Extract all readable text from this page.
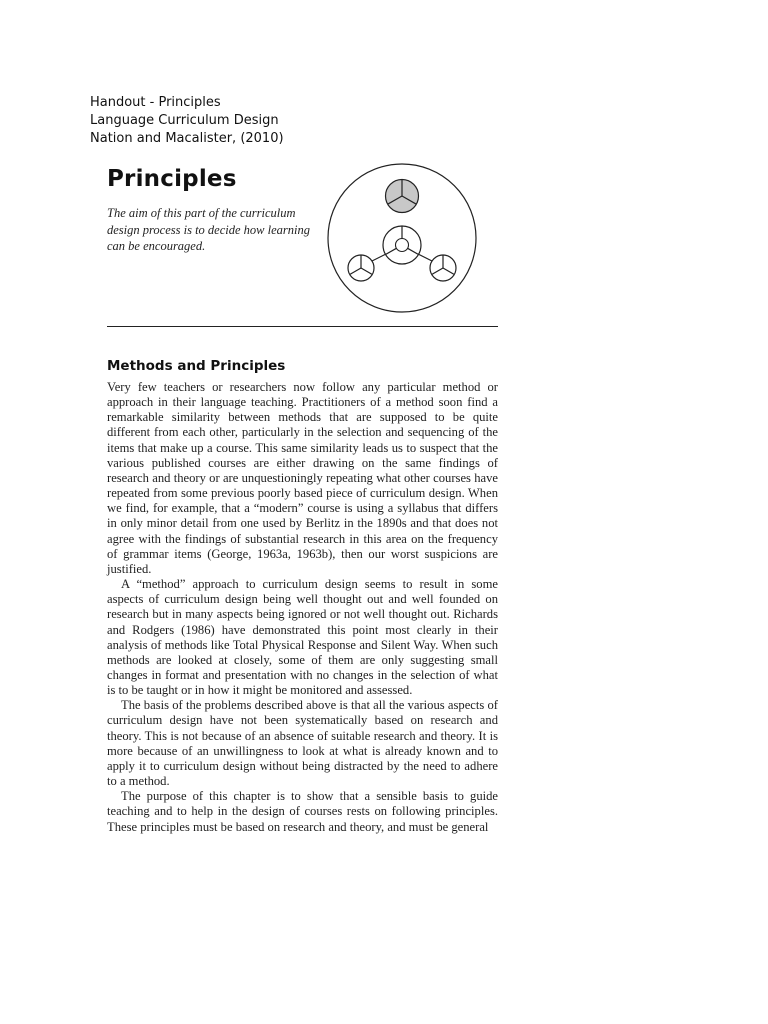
Handout - Principles
Language Curriculum Design
Nation and Macalister, (2010)
Principles
The aim of this part of the curriculum design process is to decide how learning can be encouraged.
Methods and Principles

Very few teachers or researchers now follow any particular method or approach in their language teaching. Practitioners of a method soon find a remarkable similarity between methods that are supposed to be quite different from each other, particularly in the selection and sequencing of the items that make up a course. This same similarity leads us to suspect that the various published courses are either drawing on the same findings of research and theory or are unquestioningly repeating what other courses have repeated from some previous poorly based piece of curriculum design. When we find, for example, that a “modern” course is using a syllabus that differs in only minor detail from one used by Berlitz in the 1890s and that does not agree with the findings of substantial research in this area on the frequency of grammar items (George, 1963a, 1963b), then our worst suspicions are justified.

A “method” approach to curriculum design seems to result in some aspects of curriculum design being well thought out and well founded on research but in many aspects being ignored or not well thought out. Richards and Rodgers (1986) have demonstrated this point most clearly in their analysis of methods like Total Physical Response and Silent Way. When such methods are looked at closely, some of them are only suggesting small changes in format and presentation with no changes in the selection of what is to be taught or in how it might be monitored and assessed.

The basis of the problems described above is that all the various aspects of curriculum design have not been systematically based on research and theory. This is not because of an absence of suitable research and theory. It is more because of an unwillingness to look at what is already known and to apply it to curriculum design without being distracted by the need to adhere to a method.

The purpose of this chapter is to show that a sensible basis to guide teaching and to help in the design of courses rests on following principles. These principles must be based on research and theory, and must be general
